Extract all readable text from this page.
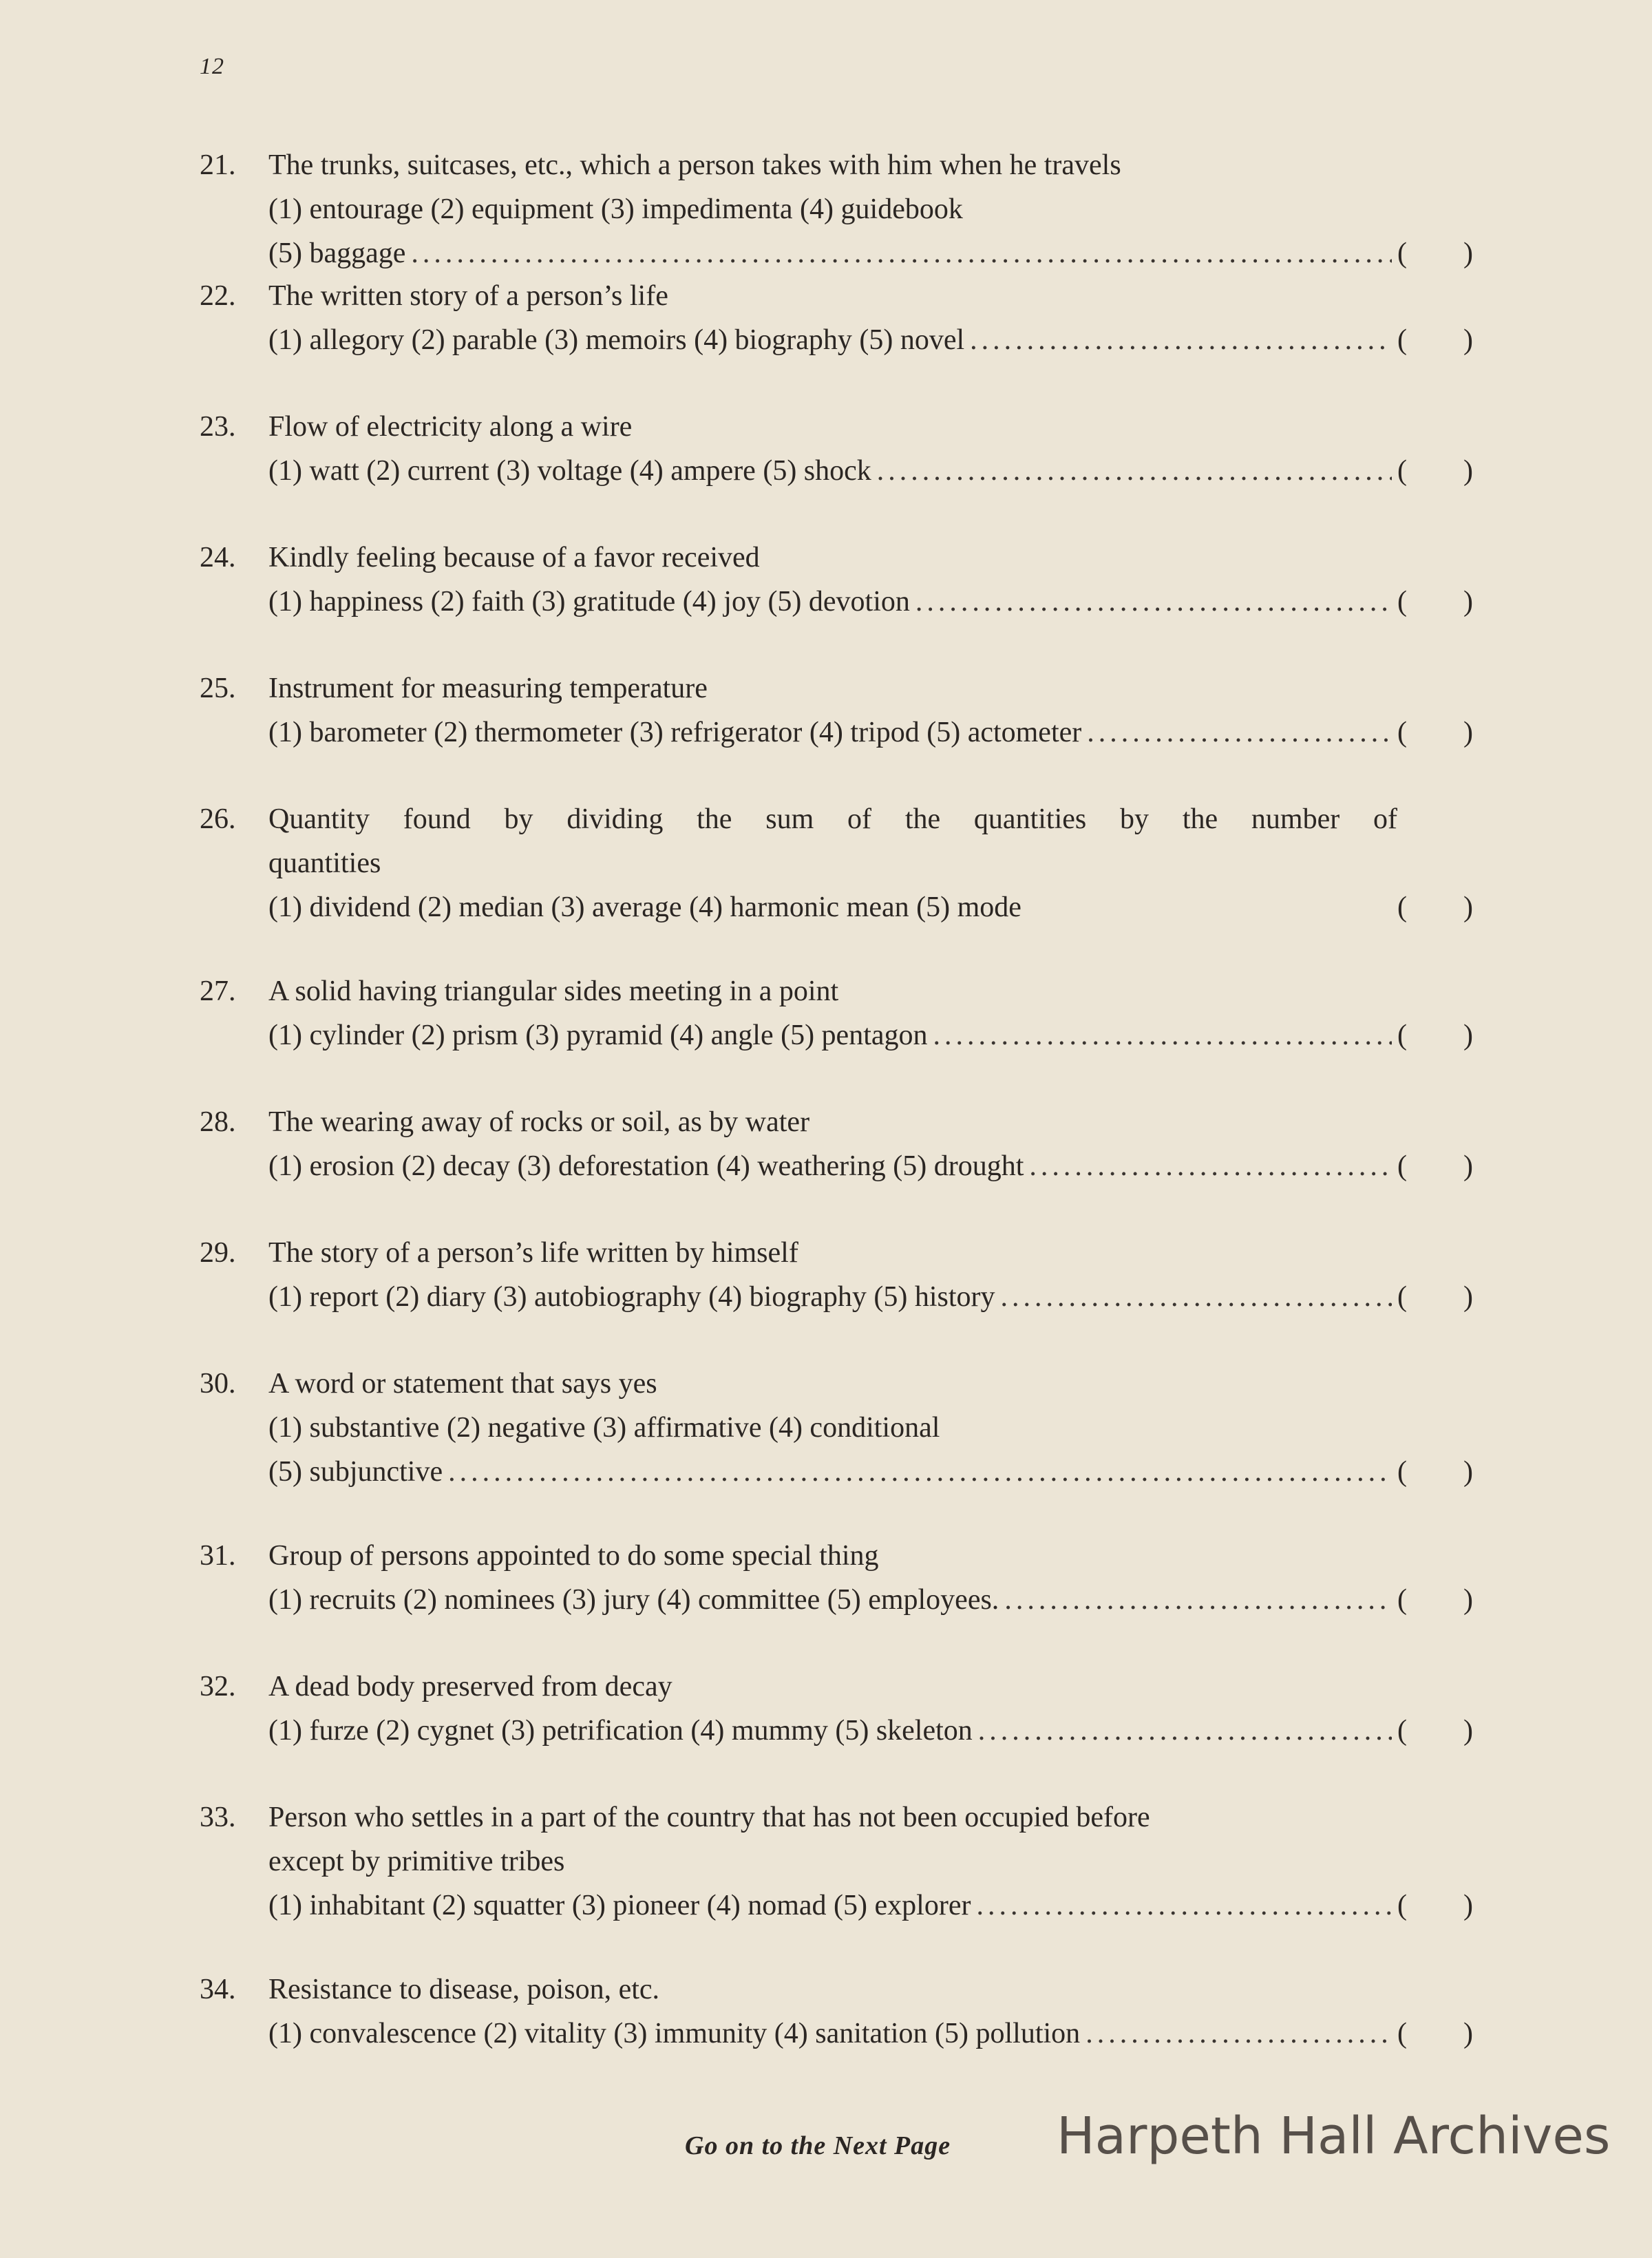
12
21.	The trunks, suitcases, etc., which a person takes with him when he travels
(1) entourage (2) equipment (3) impedimenta (4) guidebook
(5) baggage .....	( )
22.	The written story of a person’s life
(1) allegory (2) parable (3) memoirs (4) biography (5) novel .....	( )
23.	Flow of electricity along a wire
(1) watt (2) current (3) voltage (4) ampere (5) shock .....	( )
24.	Kindly feeling because of a favor received
(1) happiness (2) faith (3) gratitude (4) joy (5) devotion .....	( )
25.	Instrument for measuring temperature
(1) barometer (2) thermometer (3) refrigerator (4) tripod (5) actometer .....	( )
26.	Quantity found by dividing the sum of the quantities by the number of
quantities
(1) dividend (2) median (3) average (4) harmonic mean (5) mode	( )
27.	A solid having triangular sides meeting in a point
(1) cylinder (2) prism (3) pyramid (4) angle (5) pentagon .....	( )
28.	The wearing away of rocks or soil, as by water
(1) erosion (2) decay (3) deforestation (4) weathering (5) drought .....	( )
29.	The story of a person’s life written by himself
(1) report (2) diary (3) autobiography (4) biography (5) history .....	( )
30.	A word or statement that says yes
(1) substantive (2) negative (3) affirmative (4) conditional
(5) subjunctive .....	( )
31.	Group of persons appointed to do some special thing
(1) recruits (2) nominees (3) jury (4) committee (5) employees. .....	( )
32.	A dead body preserved from decay
(1) furze (2) cygnet (3) petrification (4) mummy (5) skeleton .....	( )
33.	Person who settles in a part of the country that has not been occupied before
except by primitive tribes
(1) inhabitant (2) squatter (3) pioneer (4) nomad (5) explorer .....	( )
34.	Resistance to disease, poison, etc.
(1) convalescence (2) vitality (3) immunity (4) sanitation (5) pollution .....	( )
Go on to the Next Page Harpeth Hall Archives
